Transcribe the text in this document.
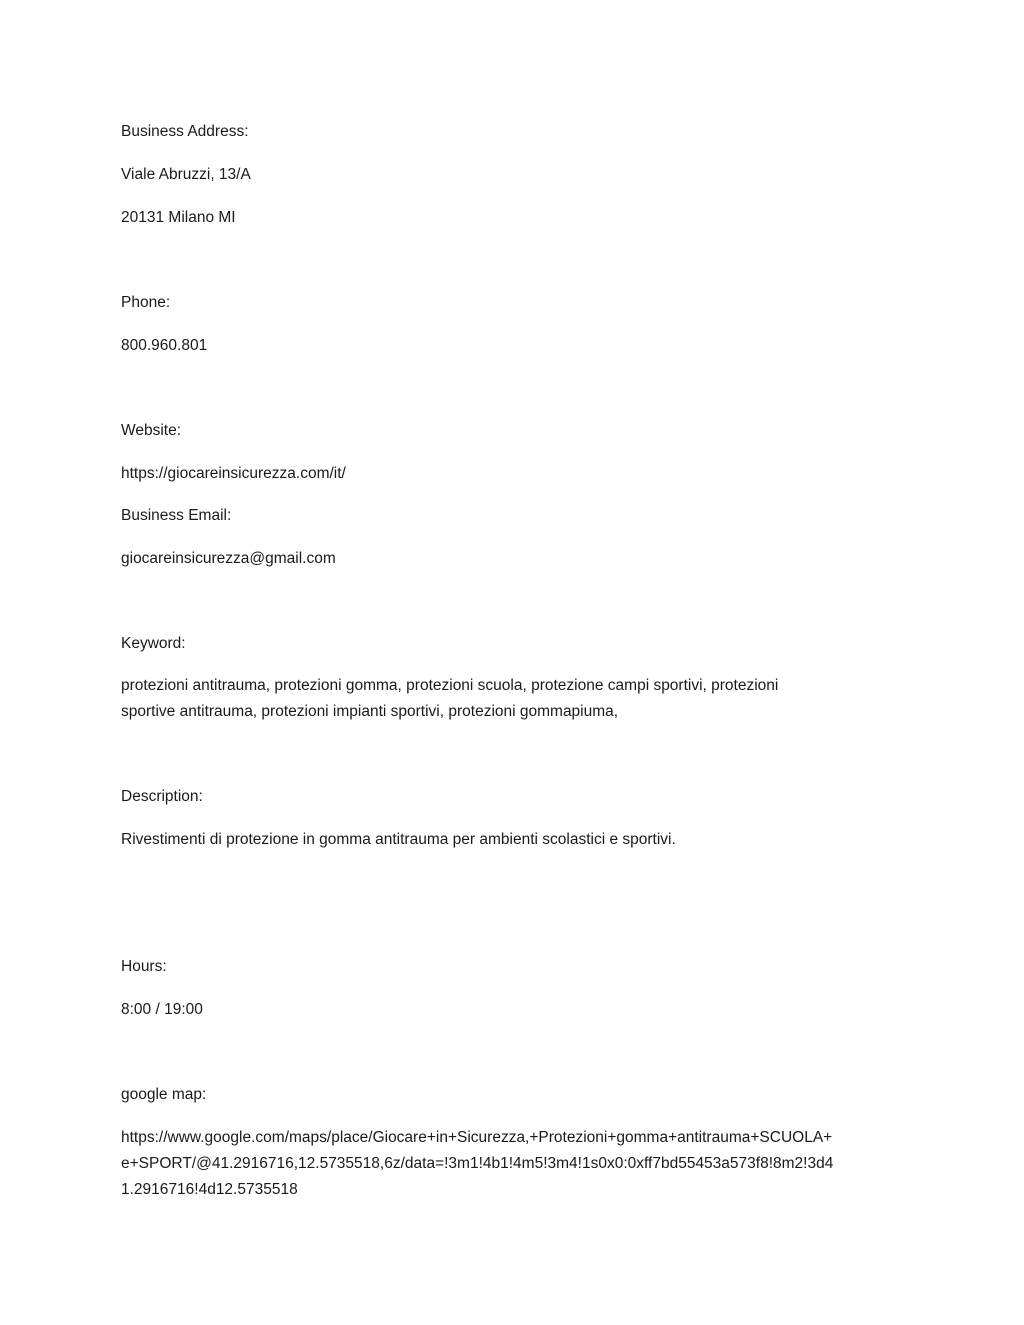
Business Address:
Viale Abruzzi, 13/A
20131 Milano MI
Phone:
800.960.801
Website:
https://giocareinsicurezza.com/it/
Business Email:
giocareinsicurezza@gmail.com
Keyword:
protezioni antitrauma, protezioni gomma, protezioni scuola, protezione campi sportivi, protezioni
sportive antitrauma, protezioni impianti sportivi, protezioni gommapiuma,
Description:
Rivestimenti di protezione in gomma antitrauma per ambienti scolastici e sportivi.
Hours:
8:00 / 19:00
google map:
https://www.google.com/maps/place/Giocare+in+Sicurezza,+Protezioni+gomma+antitrauma+SCUOLA+
e+SPORT/@41.2916716,12.5735518,6z/data=!3m1!4b1!4m5!3m4!1s0x0:0xff7bd55453a573f8!8m2!3d4
1.2916716!4d12.5735518
